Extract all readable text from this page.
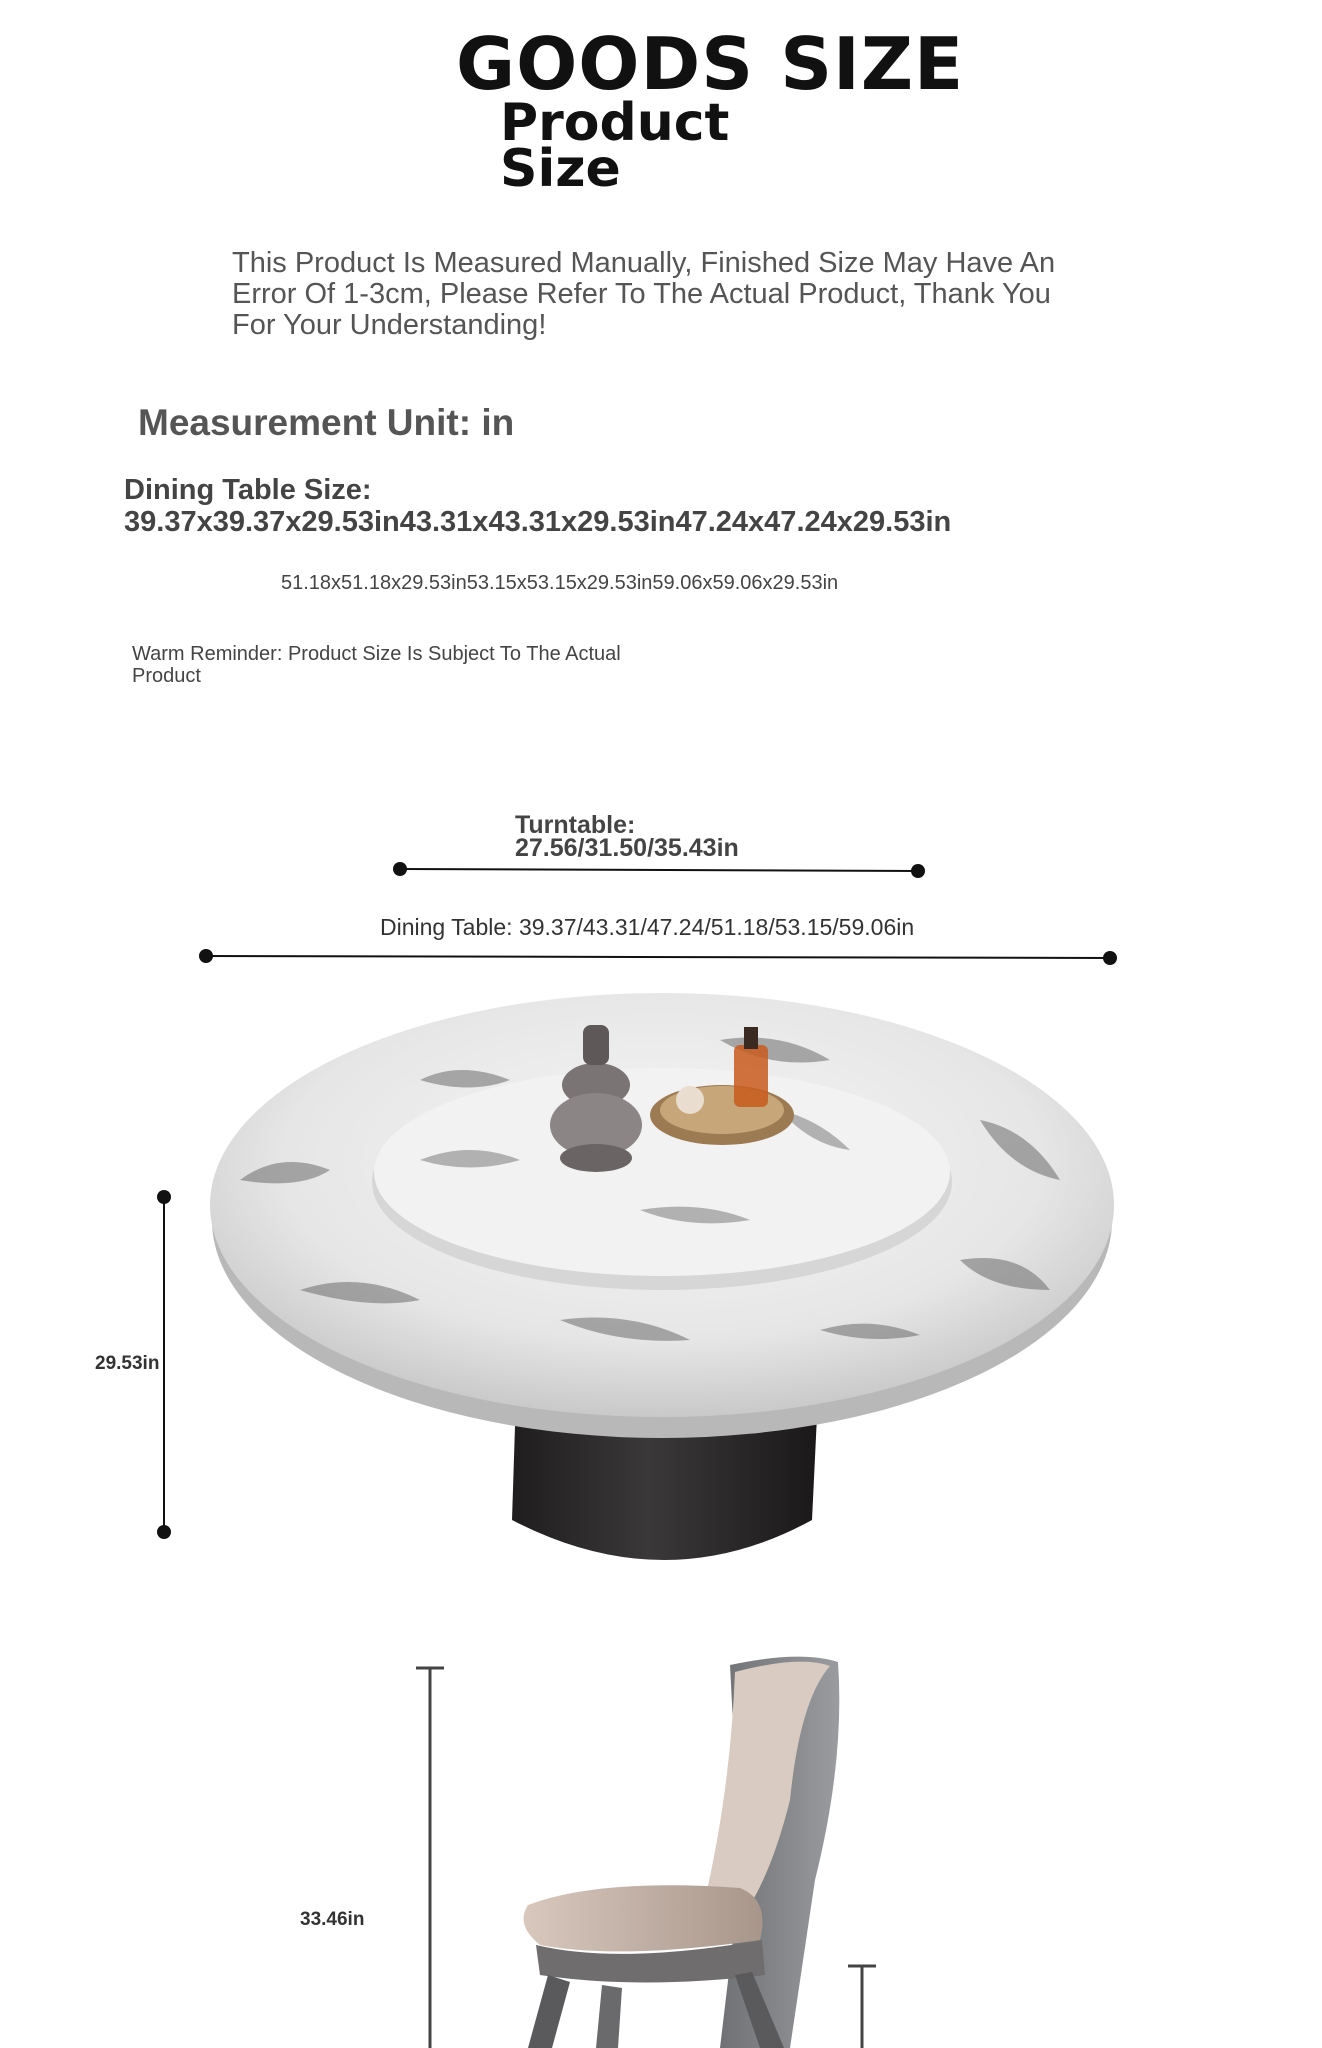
GOODS SIZE
Product Size
This Product Is Measured Manually, Finished Size May Have An Error Of 1-3cm, Please Refer To The Actual Product, Thank You For Your Understanding!
Measurement Unit: in
Dining Table Size:
39.37x39.37x29.53in43.31x43.31x29.53in47.24x47.24x29.53in
51.18x51.18x29.53in53.15x53.15x29.53in59.06x59.06x29.53in
Warm Reminder: Product Size Is Subject To The Actual Product
Turntable:
27.56/31.50/35.43in
Dining Table: 39.37/43.31/47.24/51.18/53.15/59.06in
29.53in
33.46in
